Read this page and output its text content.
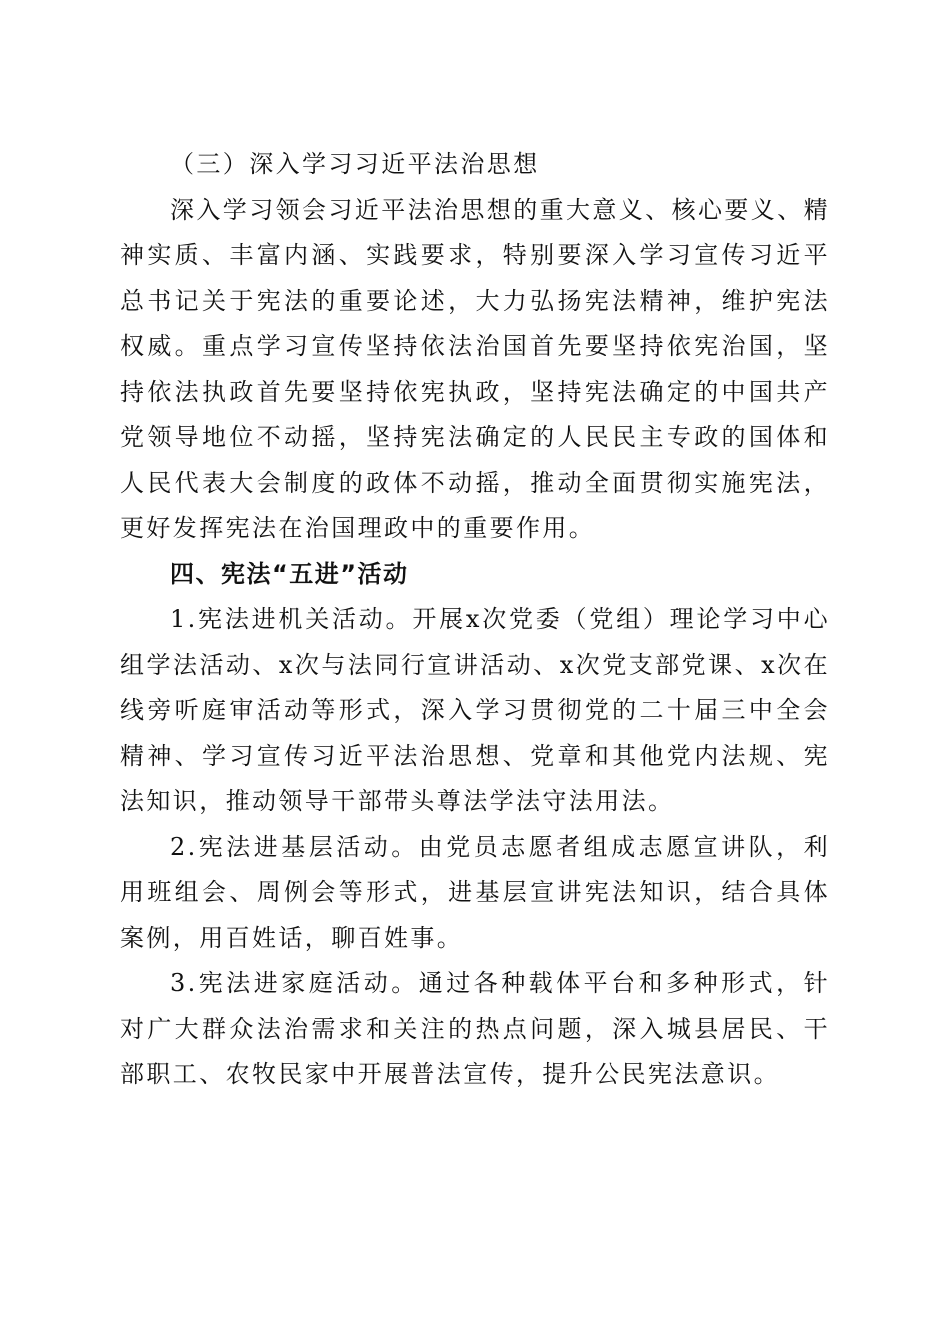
（三）深入学习习近平法治思想

深入学习领会习近平法治思想的重大意义、核心要义、精神实质、丰富内涵、实践要求，特别要深入学习宣传习近平总书记关于宪法的重要论述，大力弘扬宪法精神，维护宪法权威。重点学习宣传坚持依法治国首先要坚持依宪治国，坚持依法执政首先要坚持依宪执政，坚持宪法确定的中国共产党领导地位不动摇，坚持宪法确定的人民民主专政的国体和人民代表大会制度的政体不动摇，推动全面贯彻实施宪法，更好发挥宪法在治国理政中的重要作用。

四、宪法“五进”活动

1.宪法进机关活动。开展x次党委（党组）理论学习中心组学法活动、x次与法同行宣讲活动、x次党支部党课、x次在线旁听庭审活动等形式，深入学习贯彻党的二十届三中全会精神、学习宣传习近平法治思想、党章和其他党内法规、宪法知识，推动领导干部带头尊法学法守法用法。

2.宪法进基层活动。由党员志愿者组成志愿宣讲队，利用班组会、周例会等形式，进基层宣讲宪法知识，结合具体案例，用百姓话，聊百姓事。

3.宪法进家庭活动。通过各种载体平台和多种形式，针对广大群众法治需求和关注的热点问题，深入城县居民、干部职工、农牧民家中开展普法宣传，提升公民宪法意识。
